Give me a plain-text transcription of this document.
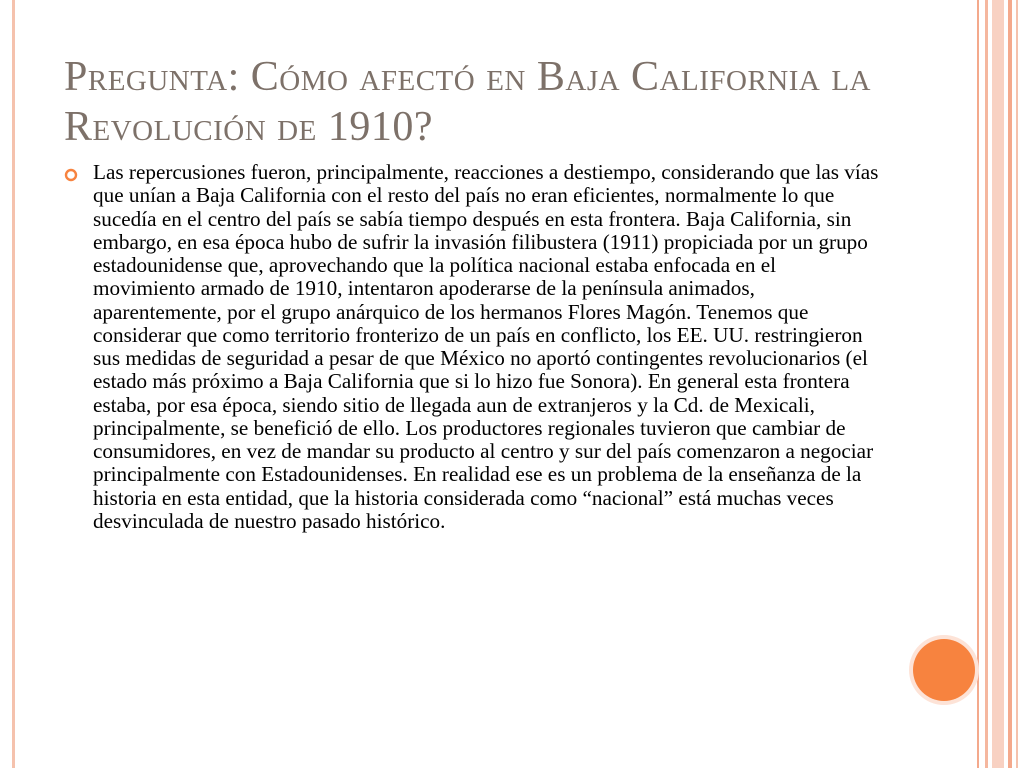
Pregunta: Cómo afectó en Baja California la Revolución de 1910?

Las repercusiones fueron, principalmente, reacciones a destiempo, considerando que las vías que unían a Baja California con el resto del país no eran eficientes, normalmente lo que sucedía en el centro del país se sabía tiempo después en esta frontera. Baja California, sin embargo, en esa época hubo de sufrir la invasión filibustera (1911) propiciada por un grupo estadounidense que, aprovechando que la política nacional estaba enfocada en el movimiento armado de 1910, intentaron apoderarse de la península animados, aparentemente, por el grupo anárquico de los hermanos Flores Magón. Tenemos que considerar que como territorio fronterizo de un país en conflicto, los EE. UU. restringieron sus medidas de seguridad a pesar de que México no aportó contingentes revolucionarios (el estado más próximo a Baja California que si lo hizo fue Sonora). En general esta frontera estaba, por esa época, siendo sitio de llegada aun de extranjeros y la Cd. de Mexicali, principalmente, se benefició de ello. Los productores regionales tuvieron que cambiar de consumidores, en vez de mandar su producto al centro y sur del país comenzaron a negociar principalmente con Estadounidenses. En realidad ese es un problema de la enseñanza de la historia en esta entidad, que la historia considerada como “nacional” está muchas veces desvinculada de nuestro pasado histórico.
